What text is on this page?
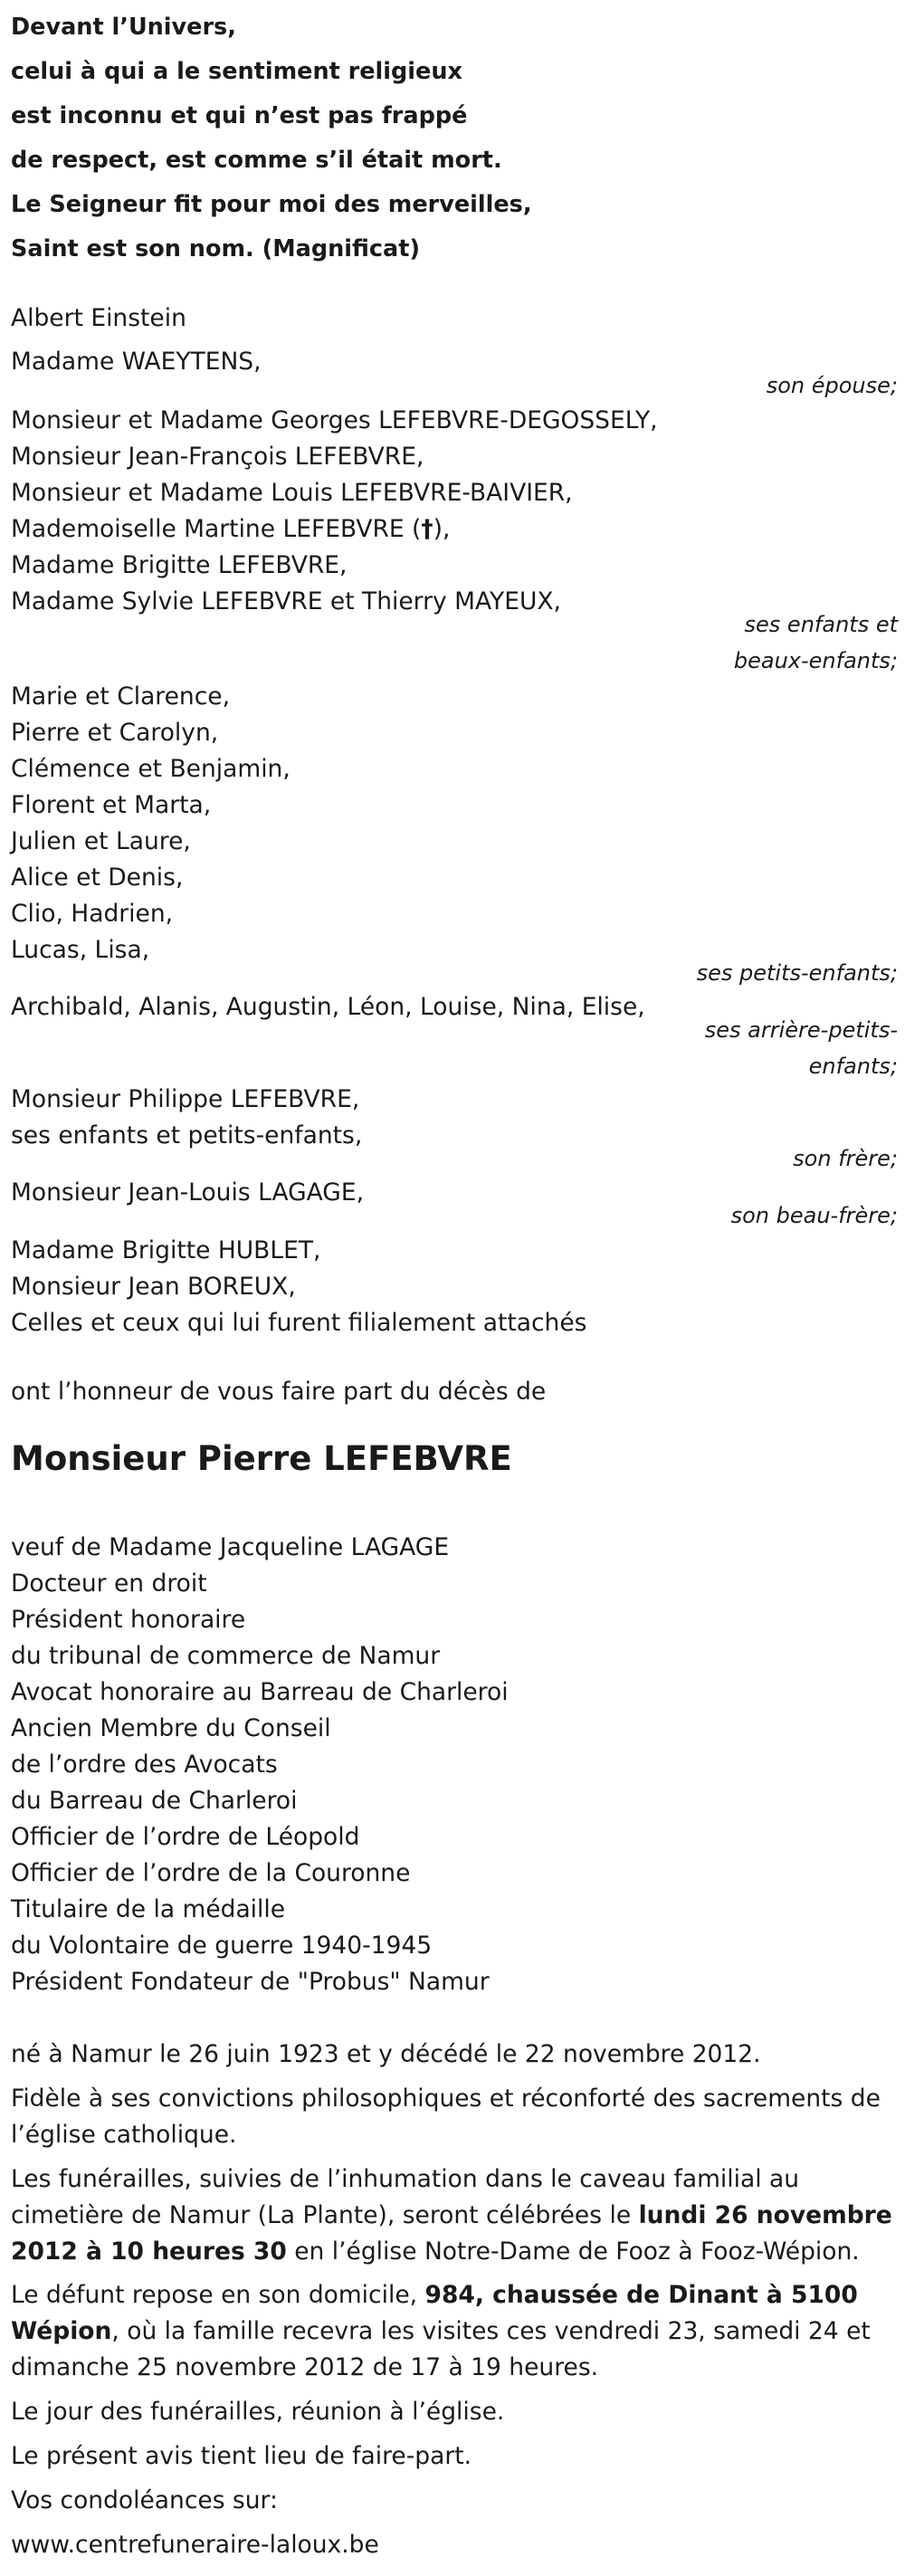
Devant l’Univers,
celui à qui a le sentiment religieux
est inconnu et qui n’est pas frappé
de respect, est comme s’il était mort.
Le Seigneur fit pour moi des merveilles,
Saint est son nom. (Magnificat)
Albert Einstein
Madame WAEYTENS,
son épouse;
Monsieur et Madame Georges LEFEBVRE-DEGOSSELY,
Monsieur Jean-François LEFEBVRE,
Monsieur et Madame Louis LEFEBVRE-BAIVIER,
Mademoiselle Martine LEFEBVRE (†),
Madame Brigitte LEFEBVRE,
Madame Sylvie LEFEBVRE et Thierry MAYEUX,
ses enfants et
beaux-enfants;
Marie et Clarence,
Pierre et Carolyn,
Clémence et Benjamin,
Florent et Marta,
Julien et Laure,
Alice et Denis,
Clio, Hadrien,
Lucas, Lisa,
ses petits-enfants;
Archibald, Alanis, Augustin, Léon, Louise, Nina, Elise,
ses arrière-petits-
enfants;
Monsieur Philippe LEFEBVRE,
ses enfants et petits-enfants,
son frère;
Monsieur Jean-Louis LAGAGE,
son beau-frère;
Madame Brigitte HUBLET,
Monsieur Jean BOREUX,
Celles et ceux qui lui furent filialement attachés
ont l’honneur de vous faire part du décès de
Monsieur Pierre LEFEBVRE
veuf de Madame Jacqueline LAGAGE
Docteur en droit
Président honoraire
du tribunal de commerce de Namur
Avocat honoraire au Barreau de Charleroi
Ancien Membre du Conseil
de l’ordre des Avocats
du Barreau de Charleroi
Officier de l’ordre de Léopold
Officier de l’ordre de la Couronne
Titulaire de la médaille
du Volontaire de guerre 1940-1945
Président Fondateur de "Probus" Namur
né à Namur le 26 juin 1923 et y décédé le 22 novembre 2012.
Fidèle à ses convictions philosophiques et réconforté des sacrements de l’église catholique.
Les funérailles, suivies de l’inhumation dans le caveau familial au cimetière de Namur (La Plante), seront célébrées le lundi 26 novembre 2012 à 10 heures 30 en l’église Notre-Dame de Fooz à Fooz-Wépion.
Le défunt repose en son domicile, 984, chaussée de Dinant à 5100 Wépion, où la famille recevra les visites ces vendredi 23, samedi 24 et dimanche 25 novembre 2012 de 17 à 19 heures.
Le jour des funérailles, réunion à l’église.
Le présent avis tient lieu de faire-part.
Vos condoléances sur:
www.centrefuneraire-laloux.be
